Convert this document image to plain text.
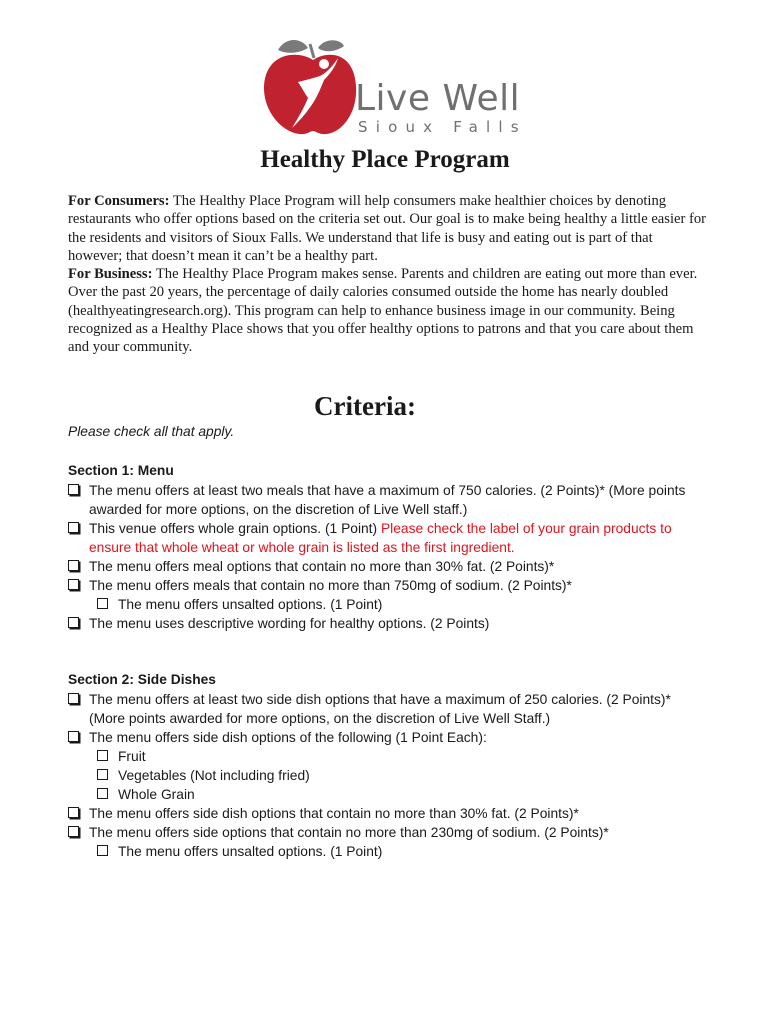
Live Well
Sioux Falls
Healthy Place Program

For Consumers: The Healthy Place Program will help consumers make healthier choices by denoting restaurants who offer options based on the criteria set out. Our goal is to make being healthy a little easier for the residents and visitors of Sioux Falls. We understand that life is busy and eating out is part of that however; that doesn’t mean it can’t be a healthy part.

For Business: The Healthy Place Program makes sense. Parents and children are eating out more than ever. Over the past 20 years, the percentage of daily calories consumed outside the home has nearly doubled (healthyeatingresearch.org). This program can help to enhance business image in our community. Being recognized as a Healthy Place shows that you offer healthy options to patrons and that you care about them and your community.

Criteria:

Please check all that apply.

Section 1: Menu
The menu offers at least two meals that have a maximum of 750 calories. (2 Points)* (More points awarded for more options, on the discretion of Live Well staff.)
This venue offers whole grain options. (1 Point) Please check the label of your grain products to ensure that whole wheat or whole grain is listed as the first ingredient.
The menu offers meal options that contain no more than 30% fat. (2 Points)*
The menu offers meals that contain no more than 750mg of sodium. (2 Points)*
The menu offers unsalted options. (1 Point)
The menu uses descriptive wording for healthy options. (2 Points)
Section 2: Side Dishes
The menu offers at least two side dish options that have a maximum of 250 calories. (2 Points)* (More points awarded for more options, on the discretion of Live Well Staff.)
The menu offers side dish options of the following (1 Point Each):
Fruit
Vegetables (Not including fried)
Whole Grain
The menu offers side dish options that contain no more than 30% fat. (2 Points)*
The menu offers side options that contain no more than 230mg of sodium. (2 Points)*
The menu offers unsalted options. (1 Point)
